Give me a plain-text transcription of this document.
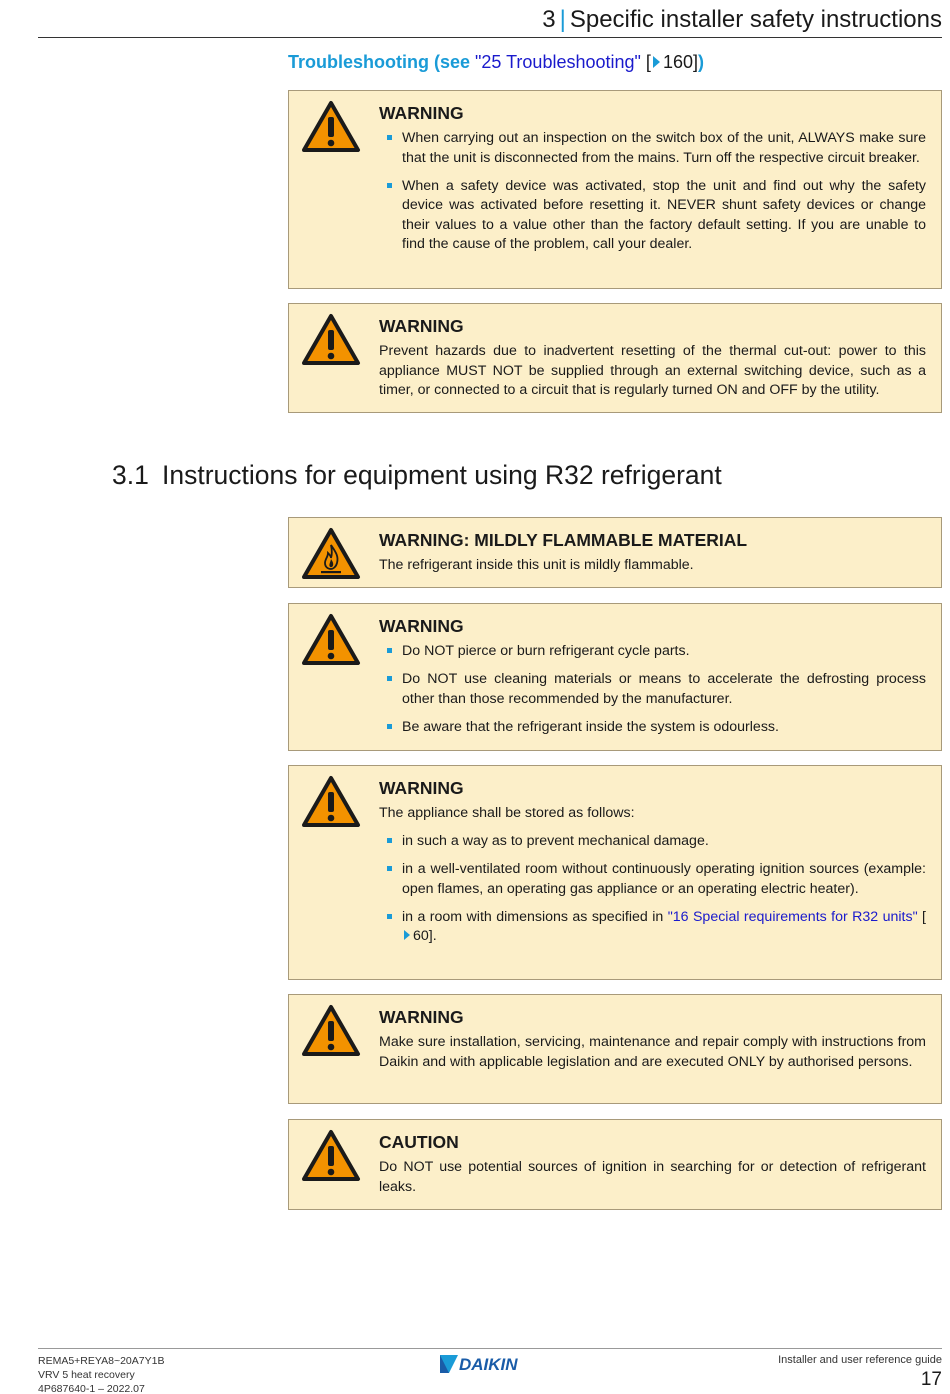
3 | Specific installer safety instructions
Troubleshooting (see "25 Troubleshooting" [ 160])
WARNING
When carrying out an inspection on the switch box of the unit, ALWAYS make sure that the unit is disconnected from the mains. Turn off the respective circuit breaker.
When a safety device was activated, stop the unit and find out why the safety device was activated before resetting it. NEVER shunt safety devices or change their values to a value other than the factory default setting. If you are unable to find the cause of the problem, call your dealer.
WARNING

Prevent hazards due to inadvertent resetting of the thermal cut-out: power to this appliance MUST NOT be supplied through an external switching device, such as a timer, or connected to a circuit that is regularly turned ON and OFF by the utility.

3.1 Instructions for equipment using R32 refrigerant
WARNING: MILDLY FLAMMABLE MATERIAL

The refrigerant inside this unit is mildly flammable.

WARNING
Do NOT pierce or burn refrigerant cycle parts.
Do NOT use cleaning materials or means to accelerate the defrosting process other than those recommended by the manufacturer.
Be aware that the refrigerant inside the system is odourless.
WARNING

The appliance shall be stored as follows:

in such a way as to prevent mechanical damage.
in a well-ventilated room without continuously operating ignition sources (example: open flames, an operating gas appliance or an operating electric heater).
in a room with dimensions as specified in "16 Special requirements for R32 units" [60].
WARNING

Make sure installation, servicing, maintenance and repair comply with instructions from Daikin and with applicable legislation and are executed ONLY by authorised persons.

CAUTION

Do NOT use potential sources of ignition in searching for or detection of refrigerant leaks.

REMA5+REYA8~20A7Y1B
VRV 5 heat recovery
4P687640-1 – 2022.07
DAIKIN	Installer and user reference guide
17
